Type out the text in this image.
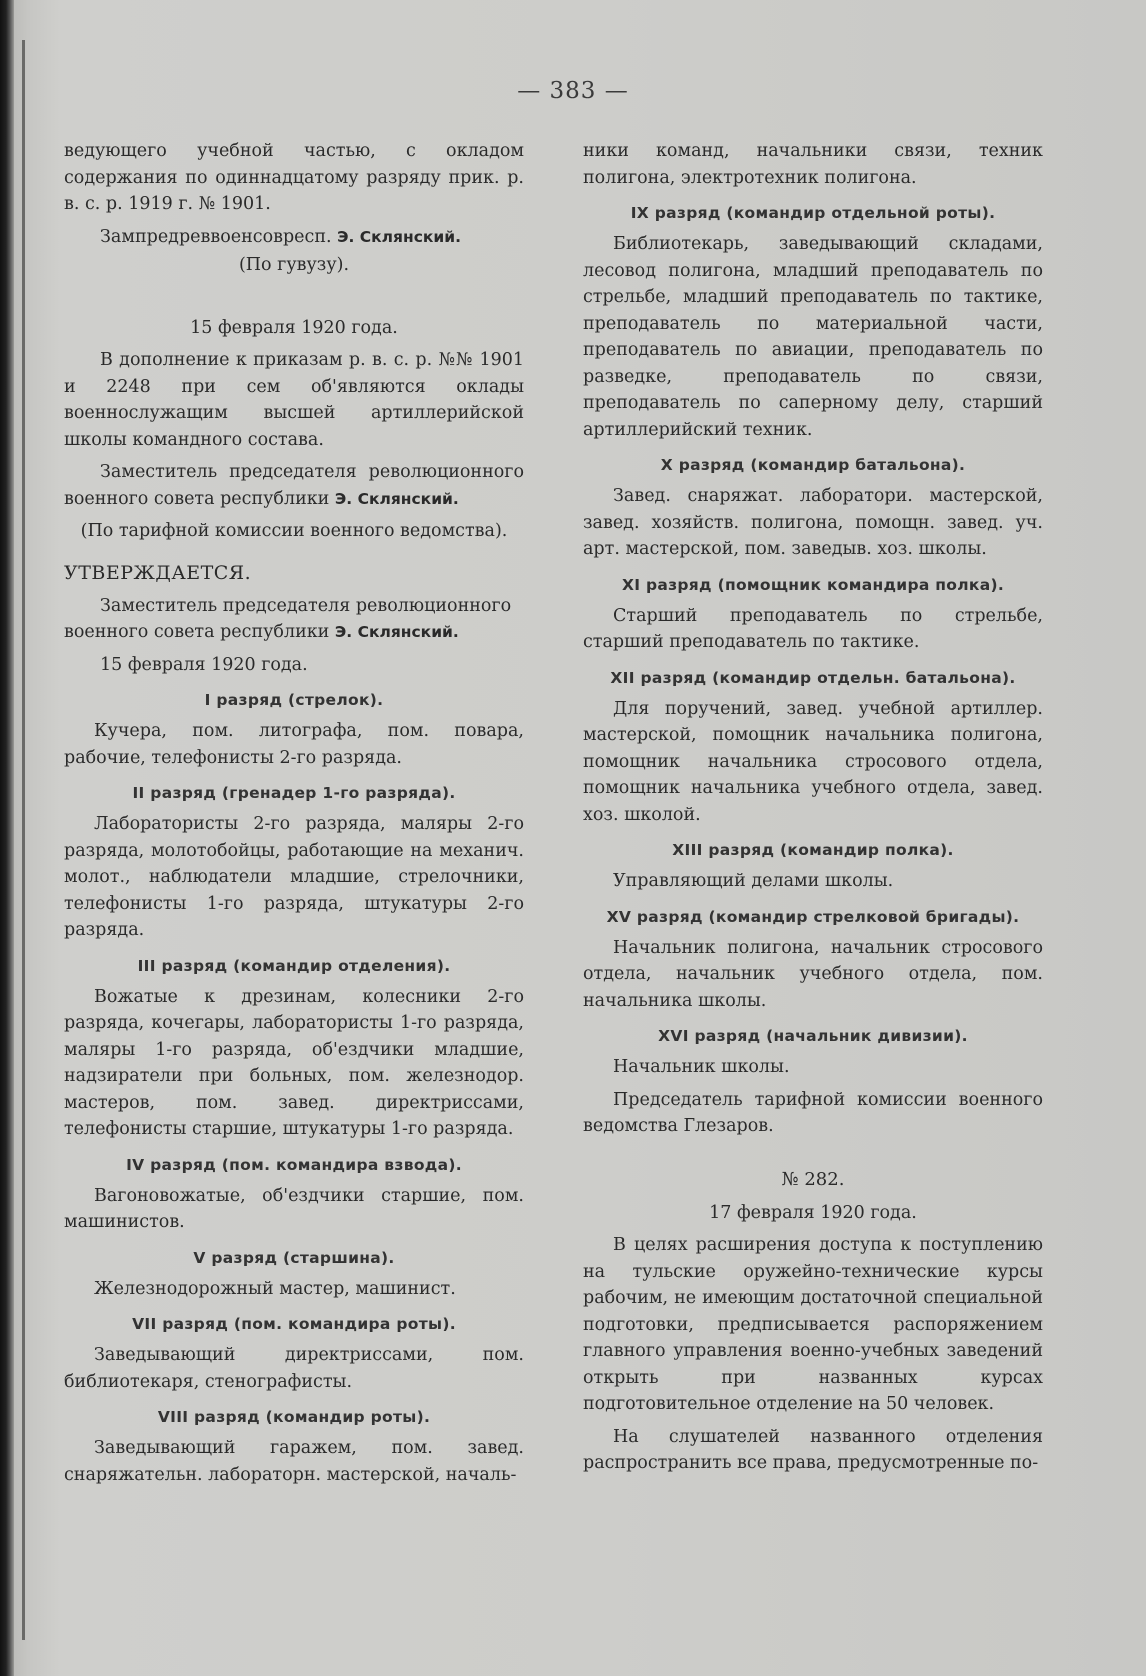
— 383 —

ведующего учебной частью, с окладом содержания по одиннадцатому разряду прик. р. в. с. р. 1919 г. № 1901.

Зампредреввоенсовресп. Э. Склянский.
(По гувузу).
15 февраля 1920 года.

В дополнение к приказам р. в. с. р. №№ 1901 и 2248 при сем об'являются оклады военнослужащим высшей артиллерийской школы командного состава.

Заместитель председателя революционного военного совета республики Э. Склянский.

(По тарифной комиссии военного ведомства).
УТВЕРЖДАЕТСЯ.

Заместитель председателя революционного военного совета республики Э. Склянский.

15 февраля 1920 года.

I разряд (стрелок).

Кучера, пом. литографа, пом. повара, рабочие, телефонисты 2-го разряда.

II разряд (гренадер 1-го разряда).

Лаборатористы 2-го разряда, маляры 2-го разряда, молотобойцы, работающие на механич. молот., наблюдатели младшие, стрелочники, телефонисты 1-го разряда, штукатуры 2-го разряда.

III разряд (командир отделения).

Вожатые к дрезинам, колесники 2-го разряда, кочегары, лаборатористы 1-го разряда, маляры 1-го разряда, об'ездчики младшие, надзиратели при больных, пом. железнодор. мастеров, пом. завед. директриссами, телефонисты старшие, штукатуры 1-го разряда.

IV разряд (пом. командира взвода).

Вагоновожатые, об'ездчики старшие, пом. машинистов.

V разряд (старшина).

Железнодорожный мастер, машинист.

VII разряд (пом. командира роты).

Заведывающий директриссами, пом. библиотекаря, стенографисты.

VIII разряд (командир роты).

Заведывающий гаражем, пом. завед. снаряжательн. лабораторн. мастерской, началь-

ники команд, начальники связи, техник полигона, электротехник полигона.

IX разряд (командир отдельной роты).

Библиотекарь, заведывающий складами, лесовод полигона, младший преподаватель по стрельбе, младший преподаватель по тактике, преподаватель по материальной части, преподаватель по авиации, преподаватель по разведке, преподаватель по связи, преподаватель по саперному делу, старший артиллерийский техник.

X разряд (командир батальона).

Завед. снаряжат. лаборатори. мастерской, завед. хозяйств. полигона, помощн. завед. уч. арт. мастерской, пом. заведыв. хоз. школы.

XI разряд (помощник командира полка).

Старший преподаватель по стрельбе, старший преподаватель по тактике.

XII разряд (командир отдельн. батальона).

Для поручений, завед. учебной артиллер. мастерской, помощник начальника полигона, помощник начальника стросового отдела, помощник начальника учебного отдела, завед. хоз. школой.

XIII разряд (командир полка).

Управляющий делами школы.

XV разряд (командир стрелковой бригады).

Начальник полигона, начальник стросового отдела, начальник учебного отдела, пом. начальника школы.

XVI разряд (начальник дивизии).

Начальник школы.

Председатель тарифной комиссии военного ведомства Глезаров.

№ 282.
17 февраля 1920 года.

В целях расширения доступа к поступлению на тульские оружейно-технические курсы рабочим, не имеющим достаточной специальной подготовки, предписывается распоряжением главного управления военно-учебных заведений открыть при названных курсах подготовительное отделение на 50 человек.

На слушателей названного отделения распространить все права, предусмотренные по-
